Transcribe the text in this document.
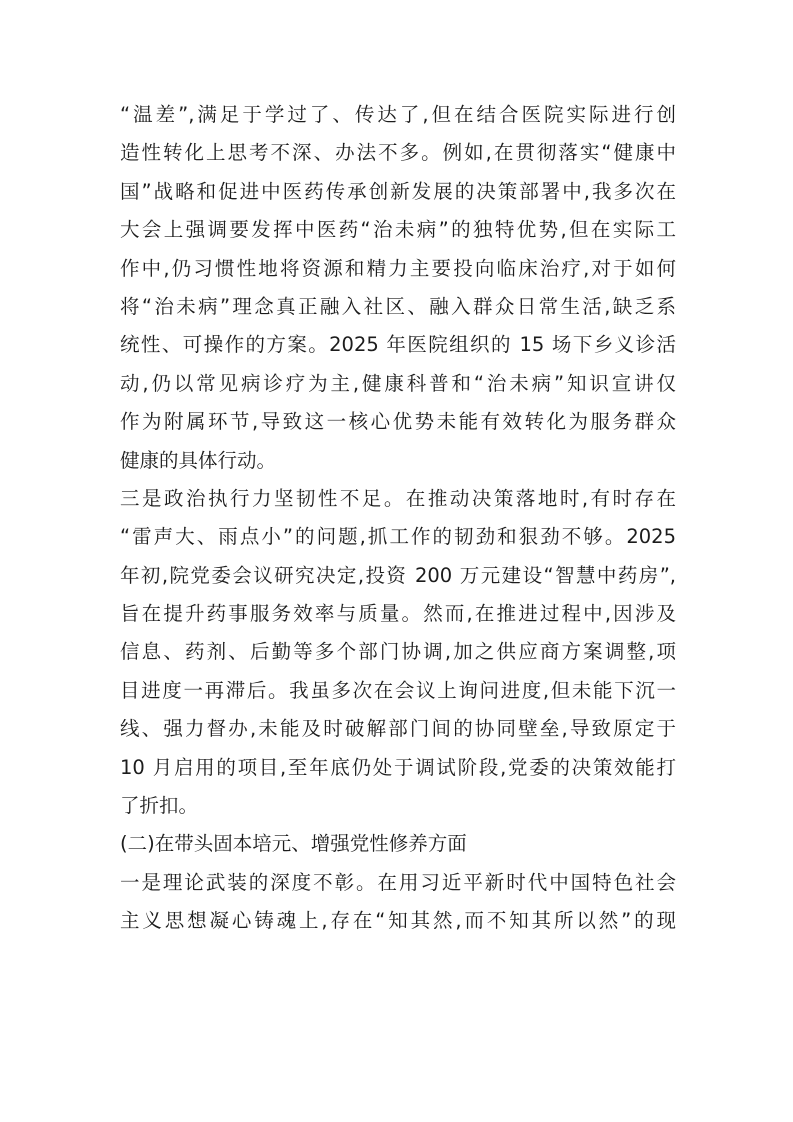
“温差”,满足于学过了、传达了,但在结合医院实际进行创
造性转化上思考不深、办法不多。例如,在贯彻落实“健康中
国”战略和促进中医药传承创新发展的决策部署中,我多次在
大会上强调要发挥中医药“治未病”的独特优势,但在实际工
作中,仍习惯性地将资源和精力主要投向临床治疗,对于如何
将“治未病”理念真正融入社区、融入群众日常生活,缺乏系
统性、可操作的方案。2025 年医院组织的 15 场下乡义诊活
动,仍以常见病诊疗为主,健康科普和“治未病”知识宣讲仅
作为附属环节,导致这一核心优势未能有效转化为服务群众
健康的具体行动。
三是政治执行力坚韧性不足。在推动决策落地时,有时存在
“雷声大、雨点小”的问题,抓工作的韧劲和狠劲不够。2025
年初,院党委会议研究决定,投资 200 万元建设“智慧中药房”,
旨在提升药事服务效率与质量。然而,在推进过程中,因涉及
信息、药剂、后勤等多个部门协调,加之供应商方案调整,项
目进度一再滞后。我虽多次在会议上询问进度,但未能下沉一
线、强力督办,未能及时破解部门间的协同壁垒,导致原定于
10 月启用的项目,至年底仍处于调试阶段,党委的决策效能打
了折扣。
(二)在带头固本培元、增强党性修养方面
一是理论武装的深度不彰。在用习近平新时代中国特色社会
主义思想凝心铸魂上,存在“知其然,而不知其所以然”的现
